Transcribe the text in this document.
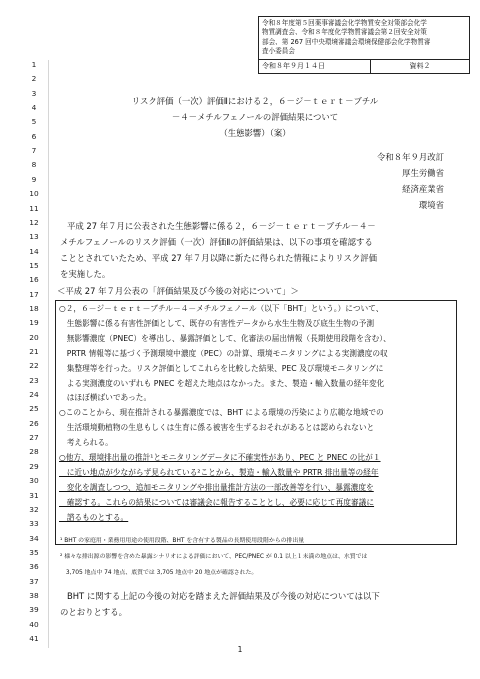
令和８年度第５回薬事審議会化学物質安全対策部会化学
物質調査会、令和８年度化学物質審議会第２回安全対策
部会、第 267 回中央環境審議会環境保健部会化学物質審
査小委員会
令和８年９月１４日	資料２
1
2
3
4
5
6
7
8
9
10
11
12
13
14
15
16
17
18
19
20
21
22
23
24
25
26
27
28
29
30
31
32
33
34
35
36
37
38
39
40
41
リスク評価（一次）評価Ⅱにおける２，６－ジ－ｔｅｒｔ－ブチル
－４－メチルフェノールの評価結果について
（生態影響）（案）
令和８年９月改訂
厚生労働省
経済産業省
環境省
平成 27 年７月に公表された生態影響に係る２，６－ジ－ｔｅｒｔ－ブチル－４－
メチルフェノールのリスク評価（一次）評価Ⅱの評価結果は、以下の事項を確認する
こととされていたため、平成 27 年７月以降に新たに得られた情報によりリスク評価
を実施した。
＜平成 27 年７月公表の「評価結果及び今後の対応について」＞
○２，６－ジ－ｔｅｒｔ－ブチル－４－メチルフェノール（以下「BHT」という。）について、
　生態影響に係る有害性評価として、既存の有害性データから水生生物及び底生生物の予測
　無影響濃度（PNEC）を導出し、暴露評価として、化審法の届出情報（長期使用段階を含む）、
　PRTR 情報等に基づく予測環境中濃度（PEC）の計算、環境モニタリングによる実測濃度の収
　集整理等を行った。リスク評価としてこれらを比較した結果、PEC 及び環境モニタリングに
　よる実測濃度のいずれも PNEC を超えた地点はなかった。また、製造・輸入数量の経年変化
　はほぼ横ばいであった。
○このことから、現在推計される暴露濃度では、BHT による環境の汚染により広範な地域での
　生活環境動植物の生息もしくは生育に係る被害を生ずるおそれがあるとは認められないと
　考えられる。
○他方、環境排出量の推計¹とモニタリングデータに不確実性があり、PEC と PNEC の比が１
　に近い地点が少ながらず見られている²ことから、製造・輸入数量や PRTR 排出量等の経年
　変化を調査しつつ、追加モニタリングや排出量推計方法の一部改善等を行い、暴露濃度を
　確認する。これらの結果については審議会に報告することとし、必要に応じて再度審議に
　諮るものとする。
¹ BHT の家庭用・業務用用途の使用段階、BHT を含有する製品の長期使用段階からの排出量
² 様々な排出源の影響を含めた暴露シナリオによる評価において、PEC/PNEC が 0.1 以上１未満の地点は、水質では
　3,705 地点中 74 地点、底質では 3,705 地点中 20 地点が確認された。
BHT に関する上記の今後の対応を踏まえた評価結果及び今後の対応については以下
のとおりとする。
1
